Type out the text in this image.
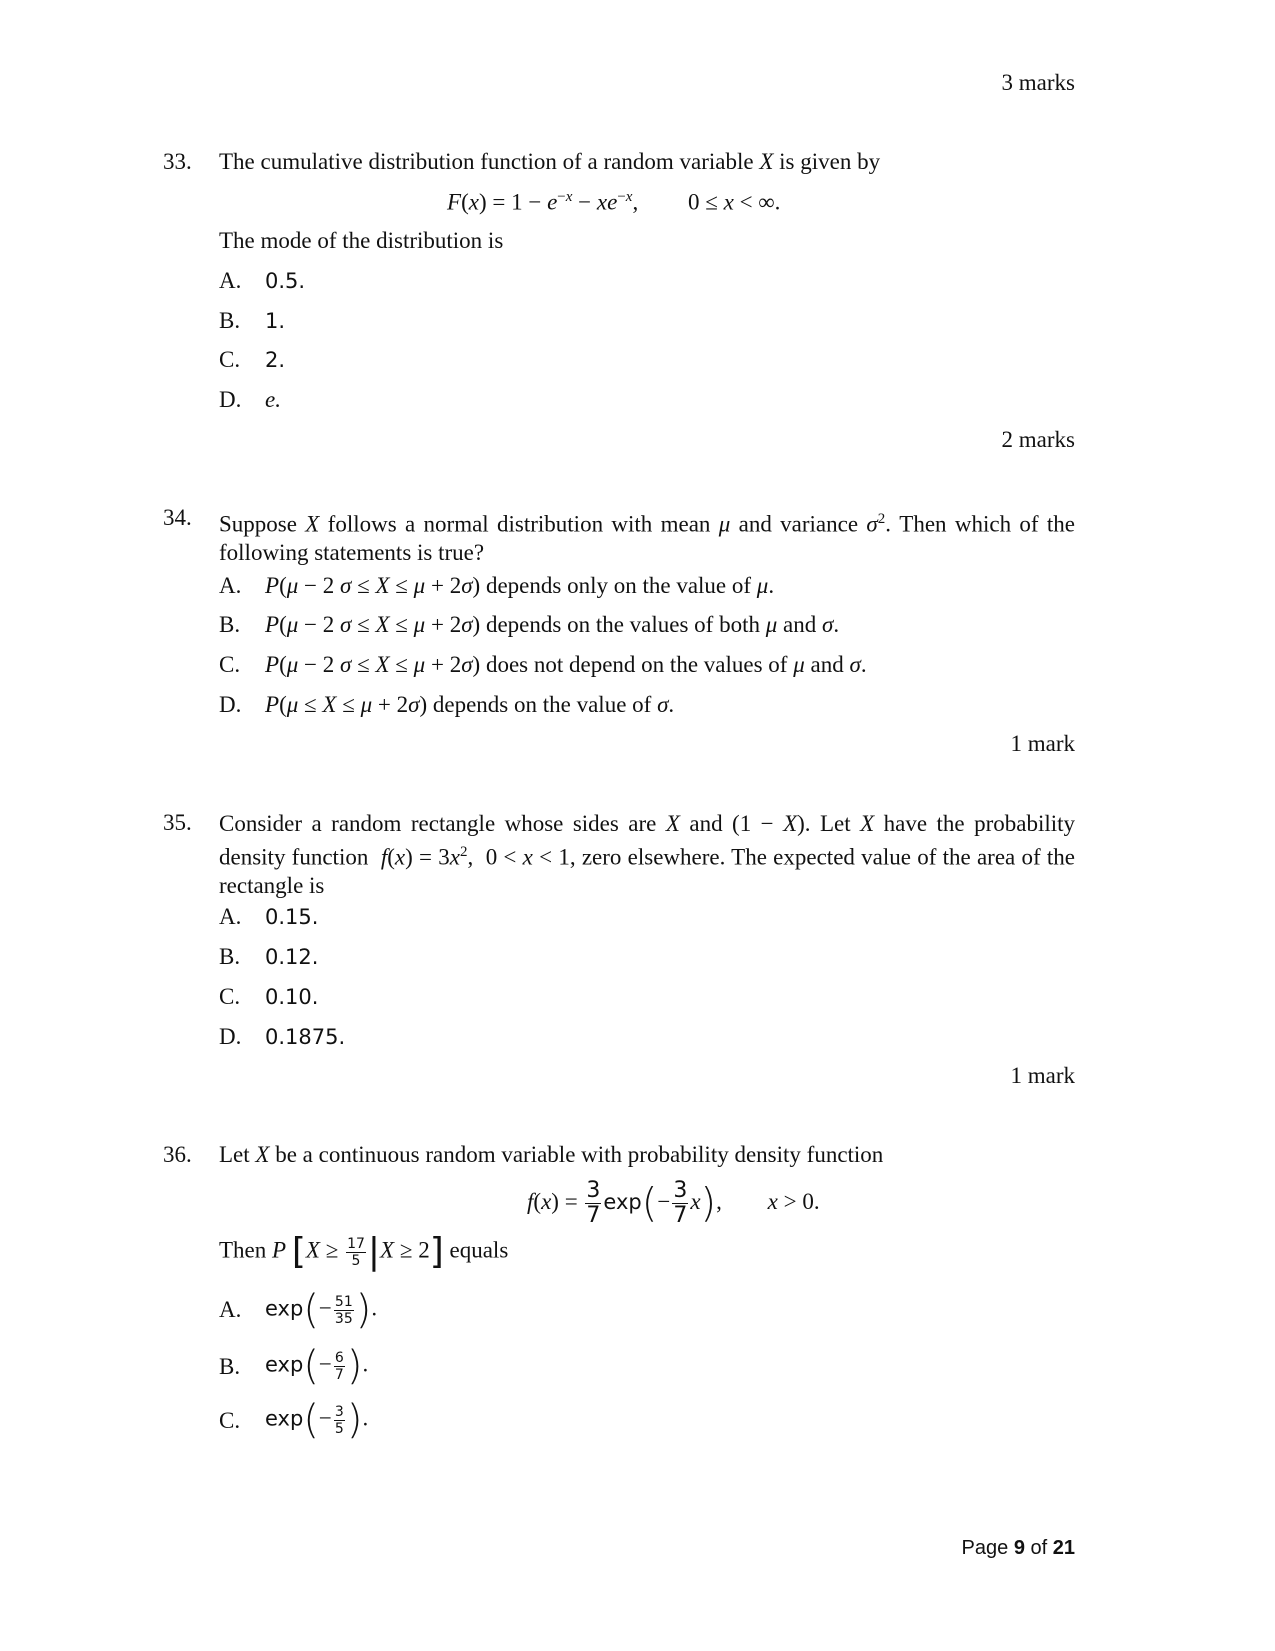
3 marks
33. The cumulative distribution function of a random variable X is given by
$F(x) = 1 - e^{-x} - xe^{-x}$, 0 ≤ x < ∞.
The mode of the distribution is
A. 0.5.
B. 1.
C. 2.
D. e.
2 marks
34. Suppose X follows a normal distribution with mean μ and variance $\sigma^2$. Then which of the following statements is true?
A. P(μ − 2 σ ≤ X ≤ μ + 2σ) depends only on the value of μ.
B. P(μ − 2 σ ≤ X ≤ μ + 2σ) depends on the values of both μ and σ.
C. P(μ − 2 σ ≤ X ≤ μ + 2σ) does not depend on the values of μ and σ.
D. P(μ ≤ X ≤ μ + 2σ) depends on the value of σ.
1 mark
35. Consider a random rectangle whose sides are X and (1 − X). Let X have the probability density function  $f(x) = 3x^2$,  0 < x < 1, zero elsewhere. The expected value of the area of the rectangle is
A. 0.15.
B. 0.12.
C. 0.10.
D. 0.1875.
1 mark
36. Let X be a continuous random variable with probability density function
$f(x) = \frac{3}{7} \exp(- \frac{3}{7} x)$, x > 0.
Then P $[X \ge \frac{17}{5} |X \ge 2]$ equals
A. $\exp(- \frac{51}{35}$ ).
B. $\exp(- \frac{6}{7}$ ).
C. $\exp(- \frac{3}{5}$ ).
Page 9 of 21
